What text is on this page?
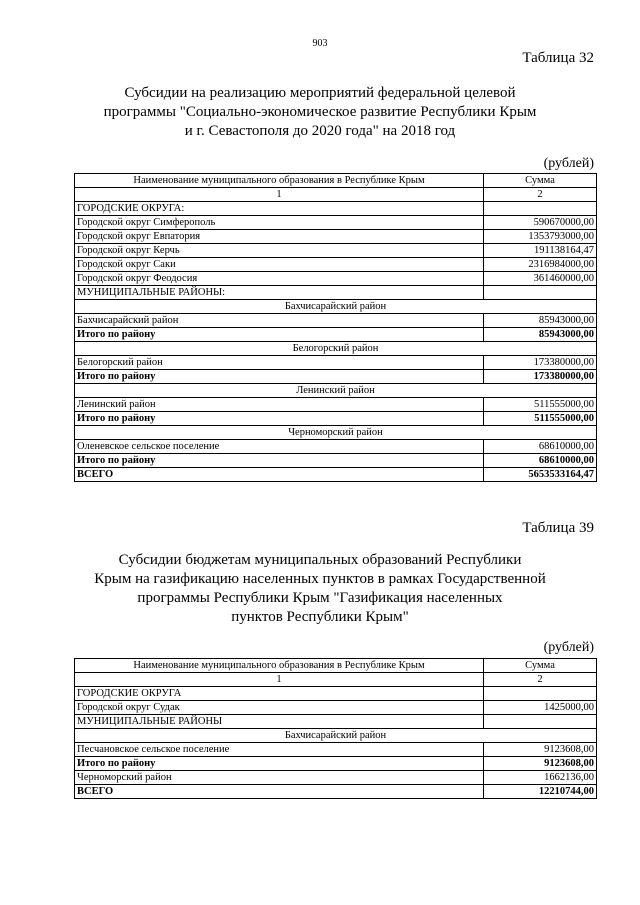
903
Таблица 32
Субсидии на реализацию мероприятий федеральной целевой
программы "Социально-экономическое развитие Республики Крым
и г. Севастополя до 2020 года" на 2018 год
(рублей)
Наименование муниципального образования в Республике Крым	Сумма
1	2
ГОРОДСКИЕ ОКРУГА:	
Городской округ Симферополь	590670000,00
Городской округ Евпатория	1353793000,00
Городской округ Керчь	191138164,47
Городской округ Саки	2316984000,00
Городской округ Феодосия	361460000,00
МУНИЦИПАЛЬНЫЕ РАЙОНЫ:	
Бахчисарайский район	
Бахчисарайский район	85943000,00
Итого по району	85943000,00
Белогорский район	
Белогорский район	173380000,00
Итого по району	173380000,00
Ленинский район	
Ленинский район	511555000,00
Итого по району	511555000,00
Черноморский район	
Оленевское сельское поселение	68610000,00
Итого по району	68610000,00
ВСЕГО	5653533164,47
Таблица 39
Субсидии бюджетам муниципальных образований Республики
Крым на газификацию населенных пунктов в рамках Государственной
программы Республики Крым "Газификация населенных
пунктов Республики Крым"
(рублей)
Наименование муниципального образования в Республике Крым	Сумма
1	2
ГОРОДСКИЕ ОКРУГА	
Городской округ Судак	1425000,00
МУНИЦИПАЛЬНЫЕ РАЙОНЫ	
Бахчисарайский район	
Песчановское сельское поселение	9123608,00
Итого по району	9123608,00
Черноморский район	1662136,00
ВСЕГО	12210744,00
